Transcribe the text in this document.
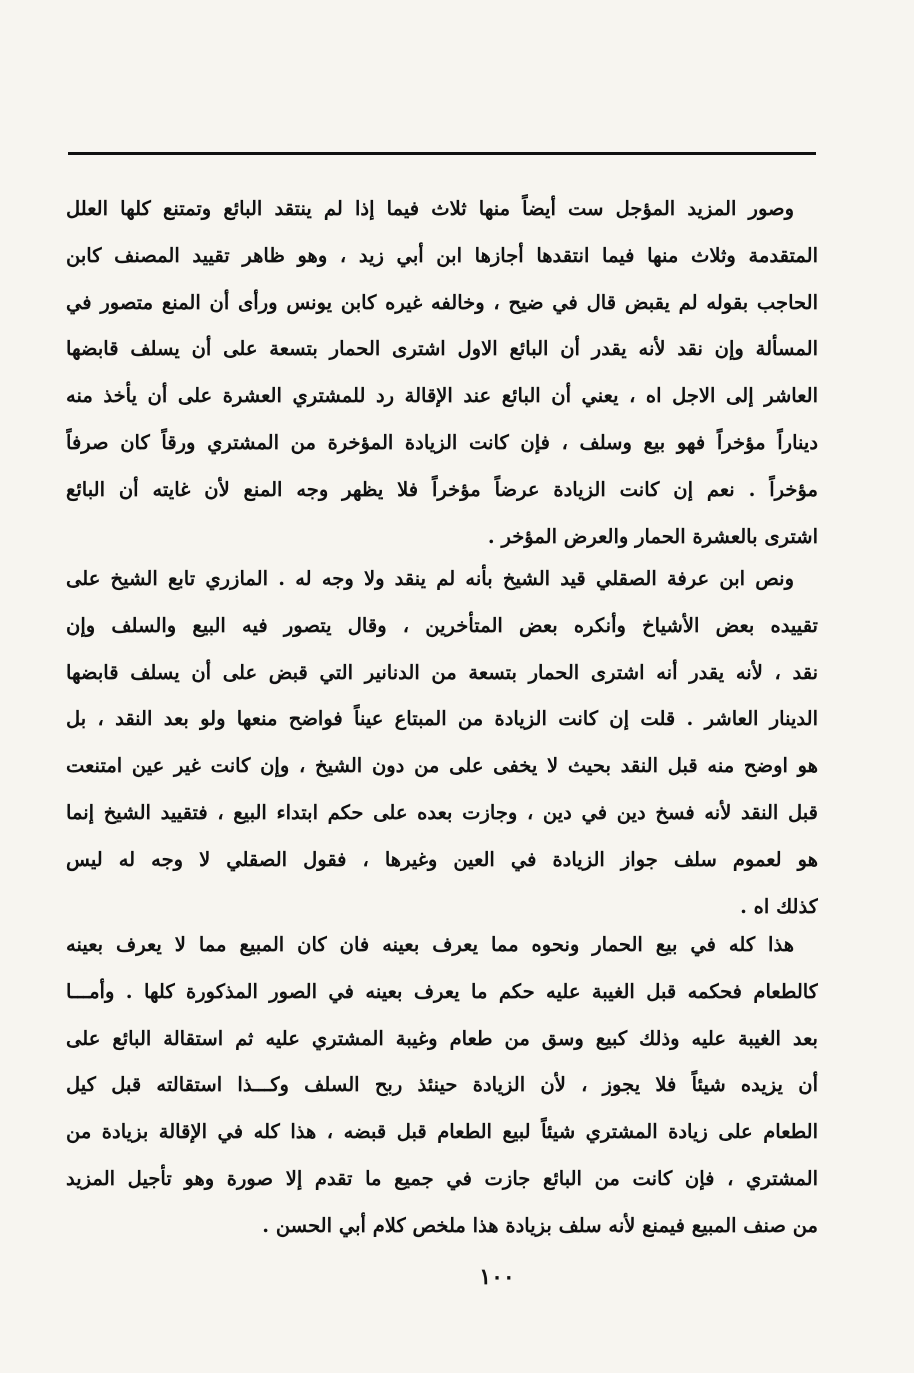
وصور المزيد المؤجل ست أيضاً منها ثلاث فيما إذا لم ينتقد البائع وتمتنع كلها العلل
المتقدمة وثلاث منها فيما انتقدها أجازها ابن أبي زيد ، وهو ظاهر تقييد المصنف كابن
الحاجب بقوله لم يقبض قال في ضيح ، وخالفه غيره كابن يونس ورأى أن المنع متصور في
المسألة وإن نقد لأنه يقدر أن البائع الاول اشترى الحمار بتسعة على أن يسلف قابضها
العاشر إلى الاجل اه ، يعني أن البائع عند الإقالة رد للمشتري العشرة على أن يأخذ منه
ديناراً مؤخراً فهو بيع وسلف ، فإن كانت الزيادة المؤخرة من المشتري ورقاً كان صرفاً
مؤخراً . نعم إن كانت الزيادة عرضاً مؤخراً فلا يظهر وجه المنع لأن غايته أن البائع
اشترى بالعشرة الحمار والعرض المؤخر .

ونص ابن عرفة الصقلي قيد الشيخ بأنه لم ينقد ولا وجه له . المازري تابع الشيخ على
تقييده بعض الأشياخ وأنكره بعض المتأخرين ، وقال يتصور فيه البيع والسلف وإن
نقد ، لأنه يقدر أنه اشترى الحمار بتسعة من الدنانير التي قبض على أن يسلف قابضها
الدينار العاشر . قلت إن كانت الزيادة من المبتاع عيناً فواضح منعها ولو بعد النقد ، بل
هو اوضح منه قبل النقد بحيث لا يخفى على من دون الشيخ ، وإن كانت غير عين امتنعت
قبل النقد لأنه فسخ دين في دين ، وجازت بعده على حكم ابتداء البيع ، فتقييد الشيخ إنما
هو لعموم سلف جواز الزيادة في العين وغيرها ، فقول الصقلي لا وجه له ليس
كذلك اه .

هذا كله في بيع الحمار ونحوه مما يعرف بعينه فان كان المبيع مما لا يعرف بعينه
كالطعام فحكمه قبل الغيبة عليه حكم ما يعرف بعينه في الصور المذكورة كلها . وأمـــا
بعد الغيبة عليه وذلك كبيع وسق من طعام وغيبة المشتري عليه ثم استقالة البائع على
أن يزيده شيئاً فلا يجوز ، لأن الزيادة حينئذ ربح السلف وكـــذا استقالته قبل كيل
الطعام على زيادة المشتري شيئاً لبيع الطعام قبل قبضه ، هذا كله في الإقالة بزيادة من
المشتري ، فإن كانت من البائع جازت في جميع ما تقدم إلا صورة وهو تأجيل المزيد
من صنف المبيع فيمنع لأنه سلف بزيادة هذا ملخص كلام أبي الحسن .

١٠٠
